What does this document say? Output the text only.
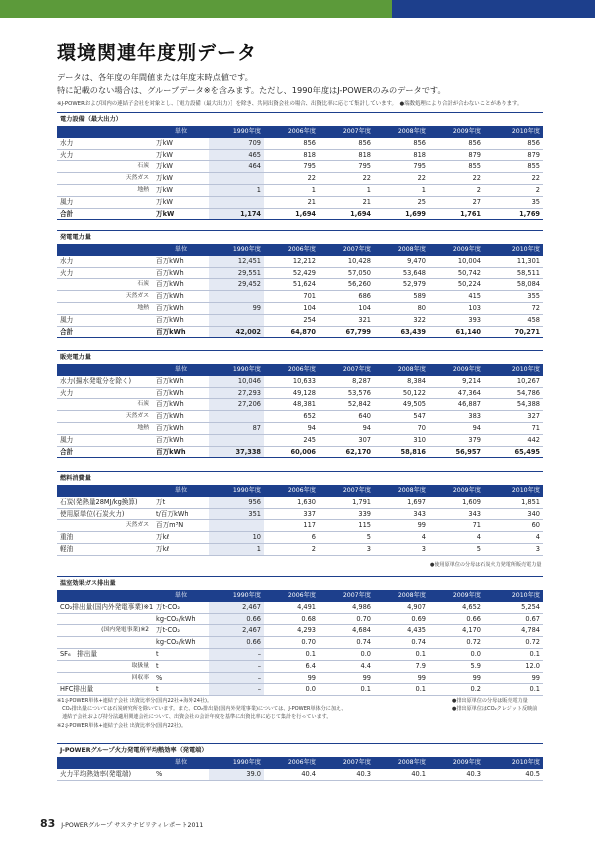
環境関連年度別データ
データは、各年度の年間値または年度末時点値です。
特に記載のない場合は、グループデータ※を含みます。ただし、1990年度はJ-POWERのみのデータです。
※J-POWERおよび国内の連結子会社を対象とし、［電力設備（最大出力）］を除き、共同出資会社の場合、出資比率に応じて集計しています。　●端数処理により合計が合わないことがあります。
電力設備（最大出力）
	単位	1990年度	2006年度	2007年度	2008年度	2009年度	2010年度
水力	万kW	709	856	856	856	856	856
火力	万kW	465	818	818	818	879	879
石炭	万kW	464	795	795	795	855	855
天然ガス	万kW		22	22	22	22	22
地熱	万kW	1	1	1	1	2	2
風力	万kW		21	21	25	27	35
合計	万kW	1,174	1,694	1,694	1,699	1,761	1,769
発電電力量
	単位	1990年度	2006年度	2007年度	2008年度	2009年度	2010年度
水力	百万kWh	12,451	12,212	10,428	9,470	10,004	11,301
火力	百万kWh	29,551	52,429	57,050	53,648	50,742	58,511
石炭	百万kWh	29,452	51,624	56,260	52,979	50,224	58,084
天然ガス	百万kWh		701	686	589	415	355
地熱	百万kWh	99	104	104	80	103	72
風力	百万kWh		254	321	322	393	458
合計	百万kWh	42,002	64,870	67,799	63,439	61,140	70,271
販売電力量
	単位	1990年度	2006年度	2007年度	2008年度	2009年度	2010年度
水力(揚水発電分を除く)	百万kWh	10,046	10,633	8,287	8,384	9,214	10,267
火力	百万kWh	27,293	49,128	53,576	50,122	47,364	54,786
石炭	百万kWh	27,206	48,381	52,842	49,505	46,887	54,388
天然ガス	百万kWh		652	640	547	383	327
地熱	百万kWh	87	94	94	70	94	71
風力	百万kWh		245	307	310	379	442
合計	百万kWh	37,338	60,006	62,170	58,816	56,957	65,495
燃料消費量
	単位	1990年度	2006年度	2007年度	2008年度	2009年度	2010年度
石炭(発熱量28MJ/kg換算)	万t	956	1,630	1,791	1,697	1,609	1,851
使用原単位(石炭火力)	t/百万kWh	351	337	339	343	343	340
天然ガス	百万m³N		117	115	99	71	60
重油	万kℓ	10	6	5	4	4	4
軽油	万kℓ	1	2	3	3	5	3
●使用原単位の分母は石炭火力発電所販売電力量
温室効果ガス排出量
	単位	1990年度	2006年度	2007年度	2008年度	2009年度	2010年度
CO₂排出量(国内外発電事業)※1	万t-CO₂	2,467	4,491	4,986	4,907	4,652	5,254
	kg-CO₂/kWh	0.66	0.68	0.70	0.69	0.66	0.67
(国内発電事業)※2	万t-CO₂	2,467	4,293	4,684	4,435	4,170	4,784
	kg-CO₂/kWh	0.66	0.70	0.74	0.74	0.72	0.72
SF₆　排出量	t	–	0.1	0.0	0.1	0.0	0.1
取扱量	t	–	6.4	4.4	7.9	5.9	12.0
回収率	%	–	99	99	99	99	99
HFC排出量	t	–	0.0	0.1	0.1	0.2	0.1
※1:J-POWER単体+連結子会社 出資比率分(国内22社+海外24社)。
　CO₂排出量については石炭研究所を除いています。また、CO₂排出量(国内外発電事業)については、J-POWER単体分に加え、
　連結子会社および持分法適用関連会社について、出資会社の会計年度を基準に出資比率に応じて集計を行っています。
※2:J-POWER単体+連結子会社 出資比率分(国内22社)。
●排出原単位の分母は販売電力量
●排出原単位はCO₂クレジット反映前
J-POWERグループ火力発電所平均熱効率（発電端）
	単位	1990年度	2006年度	2007年度	2008年度	2009年度	2010年度
火力平均熱効率(発電端)	%	39.0	40.4	40.3	40.1	40.3	40.5
83 J-POWERグループ サステナビリティレポート2011
